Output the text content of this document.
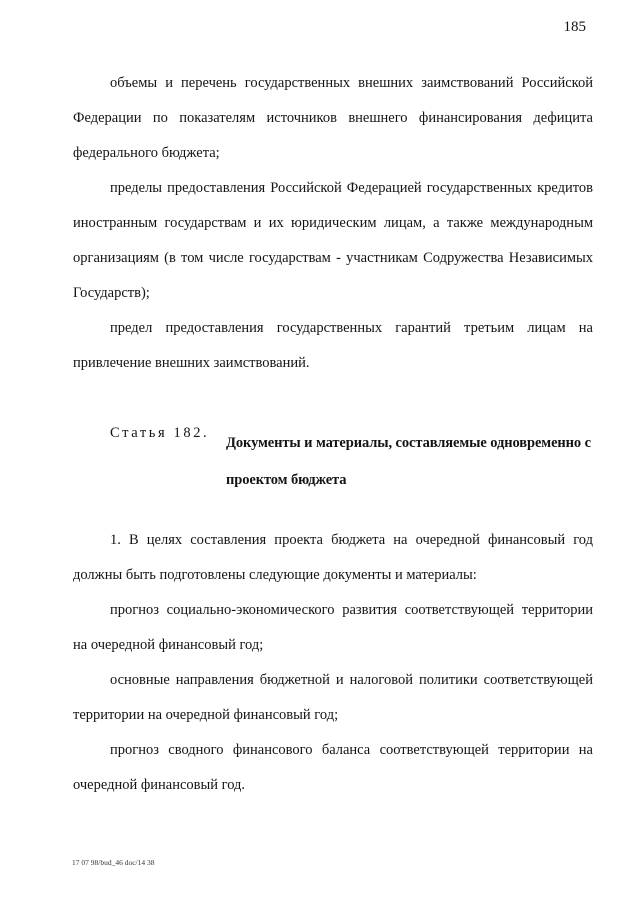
185

объемы и перечень государственных внешних заимствований Российской Федерации по показателям источников внешнего финансирования дефицита федерального бюджета;

пределы предоставления Российской Федерацией государственных кредитов иностранным государствам и их юридическим лицам, а также международным организациям (в том числе государствам - участникам Содружества Независимых Государств);

предел предоставления государственных гарантий третьим лицам на привлечение внешних заимствований.

Статья 182.
Документы и материалы, составляемые одновременно с проектом бюджета

1. В целях составления проекта бюджета на очередной финансовый год должны быть подготовлены следующие документы и материалы:

прогноз социально-экономического развития соответствующей территории на очередной финансовый год;

основные направления бюджетной и налоговой политики соответствующей территории на очередной финансовый год;

прогноз сводного финансового баланса соответствующей территории на очередной финансовый год.

17 07 98/bud_46 doc/14 38
